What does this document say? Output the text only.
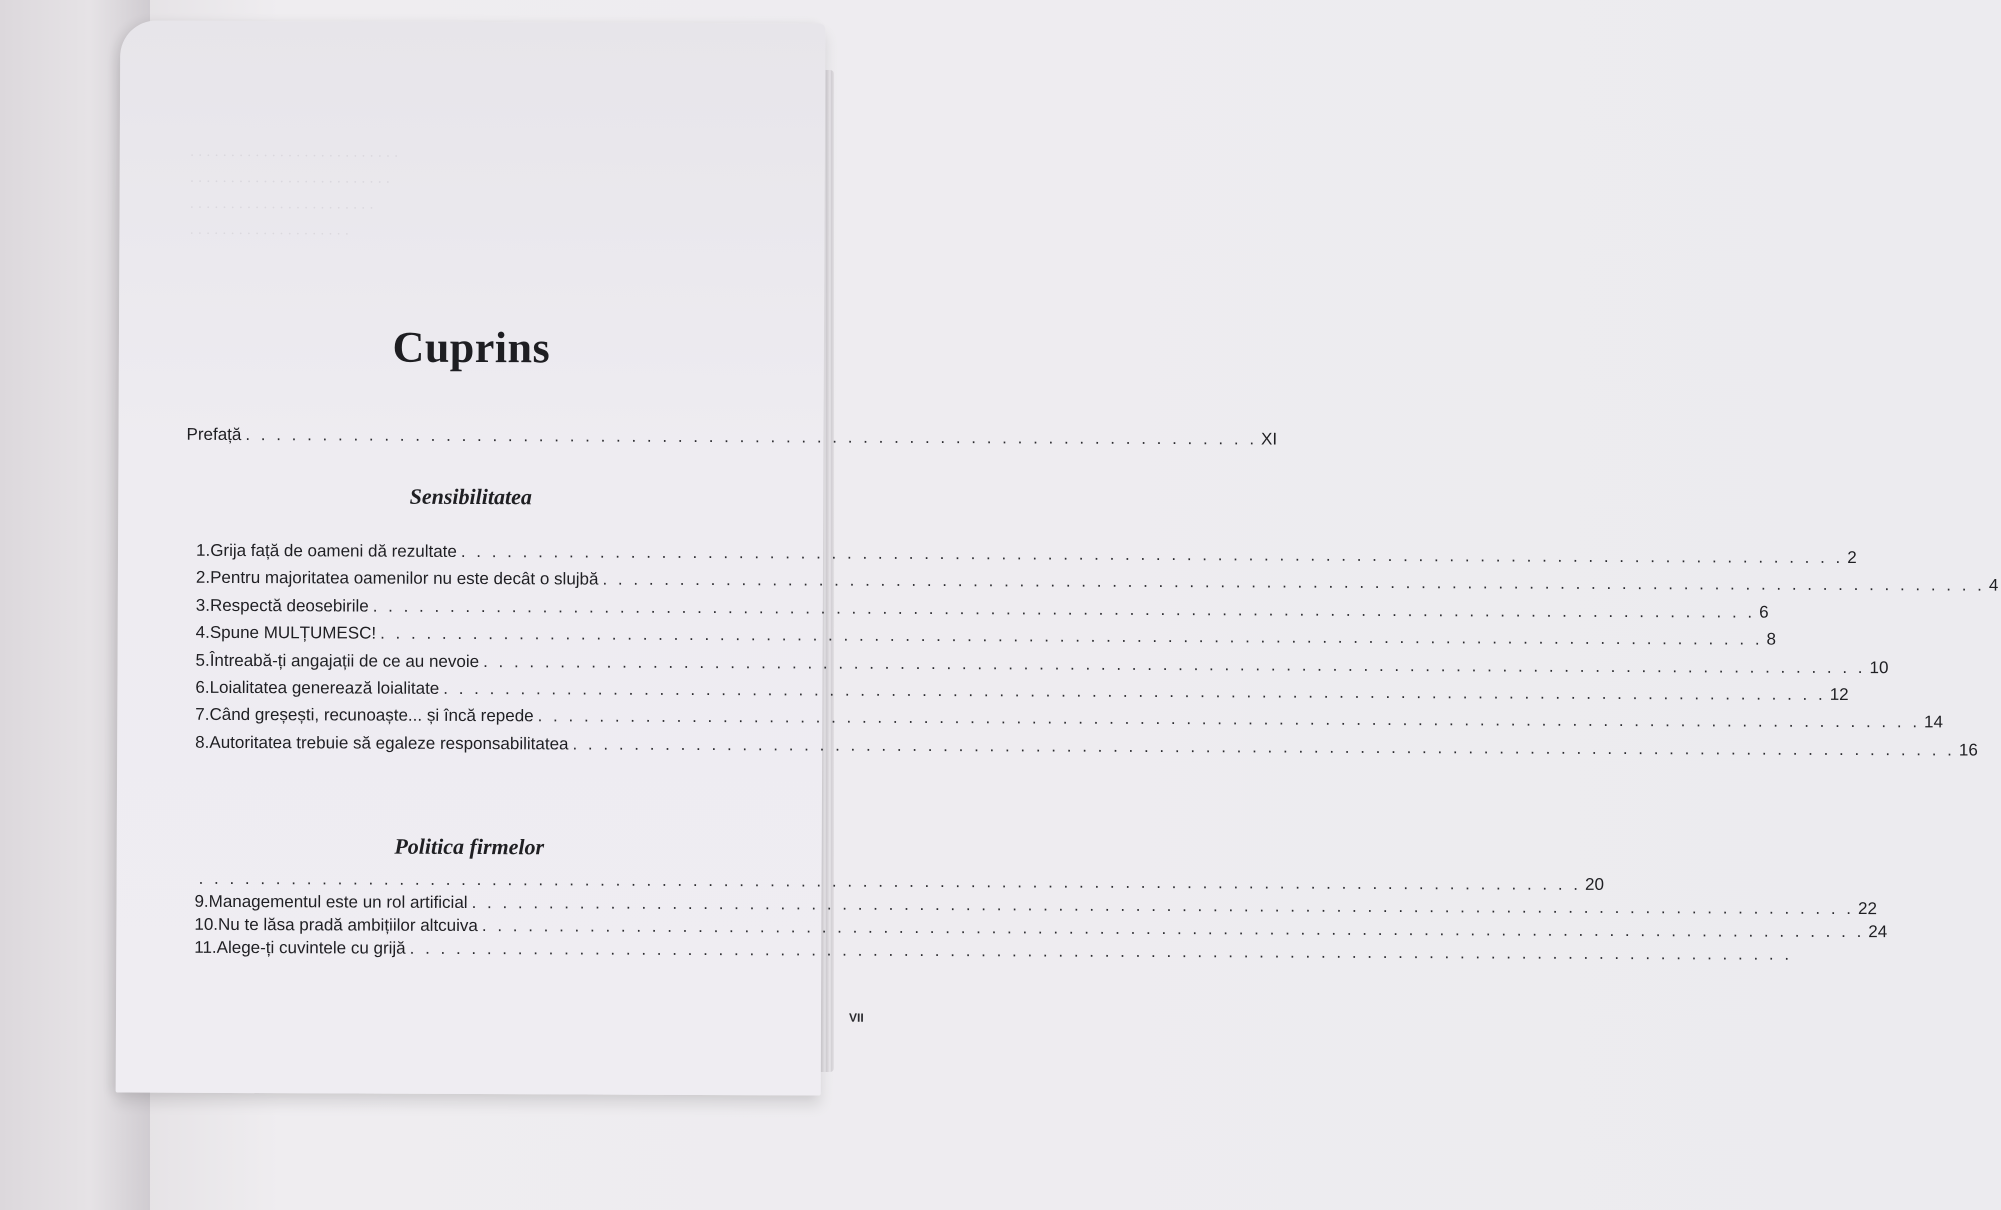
· · · · · · · · · · · · · · · · · · · · · · · · · ·
· · · · · · · · · · · · · · · · · · · · · · · · ·
· · · · · · · · · · · · · · · · · · · · · · ·
· · · · · · · · · · · · · · · · · · · ·
Cuprins
Prefață . . . . . . . . . . . . . . . . . . . . . . . . . . . . . . . . . . . . . . . . . . . . . . . . . . . . . . . . . . . . . . . . . . XI
Sensibilitatea
1. Grija față de oameni dă rezultate . . . . . . . . . . . . . . . . . . . . . . . . . . . . . . . . . . . . . . . . . . . . . . . . . . . . . . . . . . . . . . . . . . . . . . . . . . . . . . . . . . . . . . . . . . 2
2. Pentru majoritatea oamenilor nu este decât o slujbă . . . . . . . . . . . . . . . . . . . . . . . . . . . . . . . . . . . . . . . . . . . . . . . . . . . . . . . . . . . . . . . . . . . . . . . . . . . . . . . . . . . . . . . . . . 4
3. Respectă deosebirile . . . . . . . . . . . . . . . . . . . . . . . . . . . . . . . . . . . . . . . . . . . . . . . . . . . . . . . . . . . . . . . . . . . . . . . . . . . . . . . . . . . . . . . . . . 6
4. Spune MULȚUMESC! . . . . . . . . . . . . . . . . . . . . . . . . . . . . . . . . . . . . . . . . . . . . . . . . . . . . . . . . . . . . . . . . . . . . . . . . . . . . . . . . . . . . . . . . . . 8
5. Întreabă-ți angajații de ce au nevoie . . . . . . . . . . . . . . . . . . . . . . . . . . . . . . . . . . . . . . . . . . . . . . . . . . . . . . . . . . . . . . . . . . . . . . . . . . . . . . . . . . . . . . . . . . 10
6. Loialitatea generează loialitate . . . . . . . . . . . . . . . . . . . . . . . . . . . . . . . . . . . . . . . . . . . . . . . . . . . . . . . . . . . . . . . . . . . . . . . . . . . . . . . . . . . . . . . . . . 12
7. Când greșești, recunoaște... și încă repede . . . . . . . . . . . . . . . . . . . . . . . . . . . . . . . . . . . . . . . . . . . . . . . . . . . . . . . . . . . . . . . . . . . . . . . . . . . . . . . . . . . . . . . . . . 14
8. Autoritatea trebuie să egaleze responsabilitatea . . . . . . . . . . . . . . . . . . . . . . . . . . . . . . . . . . . . . . . . . . . . . . . . . . . . . . . . . . . . . . . . . . . . . . . . . . . . . . . . . . . . . . . . . . 16
Politica firmelor
. . . . . . . . . . . . . . . . . . . . . . . . . . . . . . . . . . . . . . . . . . . . . . . . . . . . . . . . . . . . . . . . . . . . . . . . . . . . . . . . . . . . . . . . . . 20
9. Managementul este un rol artificial . . . . . . . . . . . . . . . . . . . . . . . . . . . . . . . . . . . . . . . . . . . . . . . . . . . . . . . . . . . . . . . . . . . . . . . . . . . . . . . . . . . . . . . . . . 22
10. Nu te lăsa pradă ambițiilor altcuiva . . . . . . . . . . . . . . . . . . . . . . . . . . . . . . . . . . . . . . . . . . . . . . . . . . . . . . . . . . . . . . . . . . . . . . . . . . . . . . . . . . . . . . . . . . 24
11. Alege-ți cuvintele cu grijă . . . . . . . . . . . . . . . . . . . . . . . . . . . . . . . . . . . . . . . . . . . . . . . . . . . . . . . . . . . . . . . . . . . . . . . . . . . . . . . . . . . . . . . . . .
VII
